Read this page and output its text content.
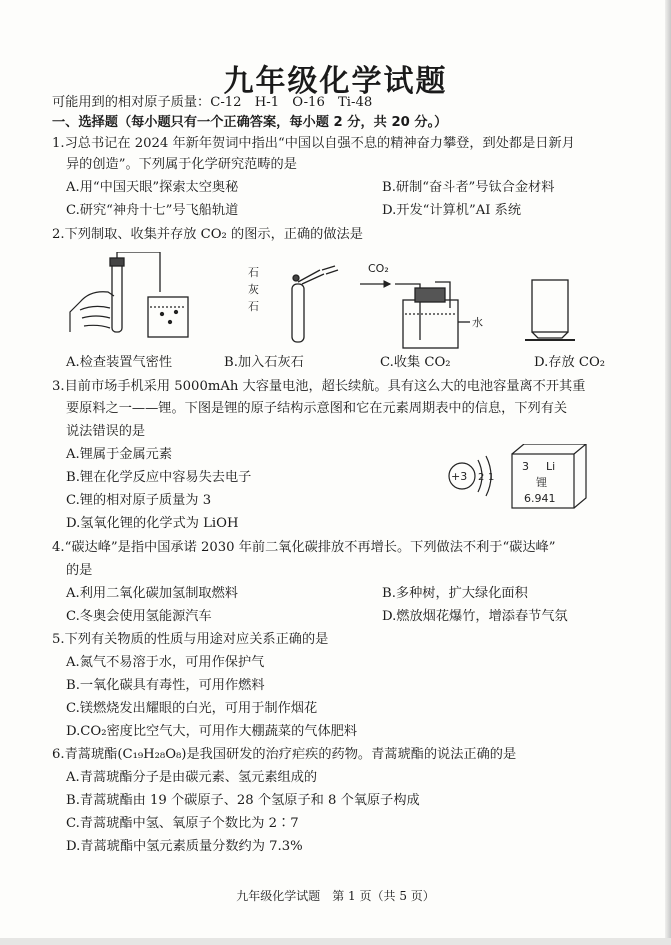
九年级化学试题
可能用到的相对原子质量：C-12　H-1　O-16　Ti-48
一、选择题（每小题只有一个正确答案，每小题 2 分，共 20 分。）
1.习总书记在 2024 年新年贺词中指出“中国以自强不息的精神奋力攀登，到处都是日新月
异的创造”。下列属于化学研究范畴的是
A.用“中国天眼”探索太空奥秘	B.研制“奋斗者”号钛合金材料
C.研究“神舟十七”号飞船轨道	D.开发“计算机”AI 系统
2.下列制取、收集并存放 CO₂ 的图示，正确的做法是
石
灰
石
CO₂
水
A.检查装置气密性	B.加入石灰石	C.收集 CO₂	D.存放 CO₂
3.目前市场手机采用 5000mAh 大容量电池，超长续航。具有这么大的电池容量离不开其重
要原料之一——锂。下图是锂的原子结构示意图和它在元素周期表中的信息，下列有关
说法错误的是
A.锂属于金属元素
B.锂在化学反应中容易失去电子
C.锂的相对原子质量为 3
D.氢氧化锂的化学式为 LiOH
+3 2 1
3 Li
锂
6.941
4.“碳达峰”是指中国承诺 2030 年前二氧化碳排放不再增长。下列做法不利于“碳达峰”
的是
A.利用二氧化碳加氢制取燃料	B.多种树，扩大绿化面积
C.冬奥会使用氢能源汽车	D.燃放烟花爆竹，增添春节气氛
5.下列有关物质的性质与用途对应关系正确的是
A.氮气不易溶于水，可用作保护气
B.一氧化碳具有毒性，可用作燃料
C.镁燃烧发出耀眼的白光，可用于制作烟花
D.CO₂密度比空气大，可用作大棚蔬菜的气体肥料
6.青蒿琥酯(C₁₉H₂₈O₈)是我国研发的治疗疟疾的药物。青蒿琥酯的说法正确的是
A.青蒿琥酯分子是由碳元素、氢元素组成的
B.青蒿琥酯由 19 个碳原子、28 个氢原子和 8 个氧原子构成
C.青蒿琥酯中氢、氧原子个数比为 2∶7
D.青蒿琥酯中氢元素质量分数约为 7.3%
九年级化学试题　第 1 页（共 5 页）
